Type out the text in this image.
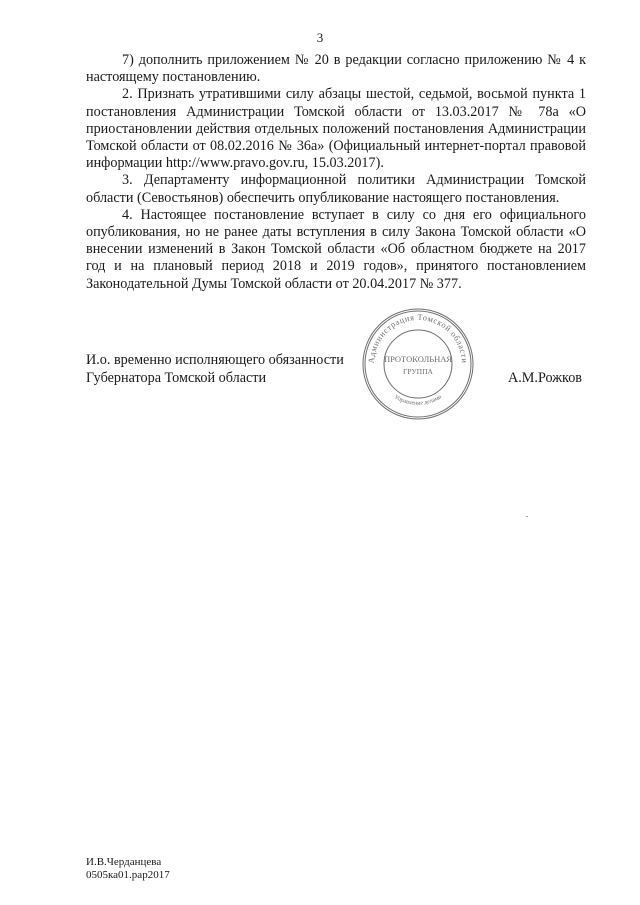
3

7) дополнить приложением № 20 в редакции согласно приложению № 4 к настоящему постановлению.

2. Признать утратившими силу абзацы шестой, седьмой, восьмой пункта 1 постановления Администрации Томской области от 13.03.2017 № 78а «О приостановлении действия отдельных положений постановления Администрации Томской области от 08.02.2016 № 36а» (Официальный интернет-портал правовой информации http://www.pravo.gov.ru, 15.03.2017).

3. Департаменту информационной политики Администрации Томской области (Севостьянов) обеспечить опубликование настоящего постановления.

4. Настоящее постановление вступает в силу со дня его официального опубликования, но не ранее даты вступления в силу Закона Томской области «О внесении изменений в Закон Томской области «Об областном бюджете на 2017 год и на плановый период 2018 и 2019 годов», принятого постановлением Законодательной Думы Томской области от 20.04.2017 № 377.

И.о. временно исполняющего обязанности
Губернатора Томской области
Администрация Томской области
Управление делами
ПРОТОКОЛЬНАЯ
ГРУППА	А.М.Рожков
И.В.Черданцева
0505ка01.рар2017
